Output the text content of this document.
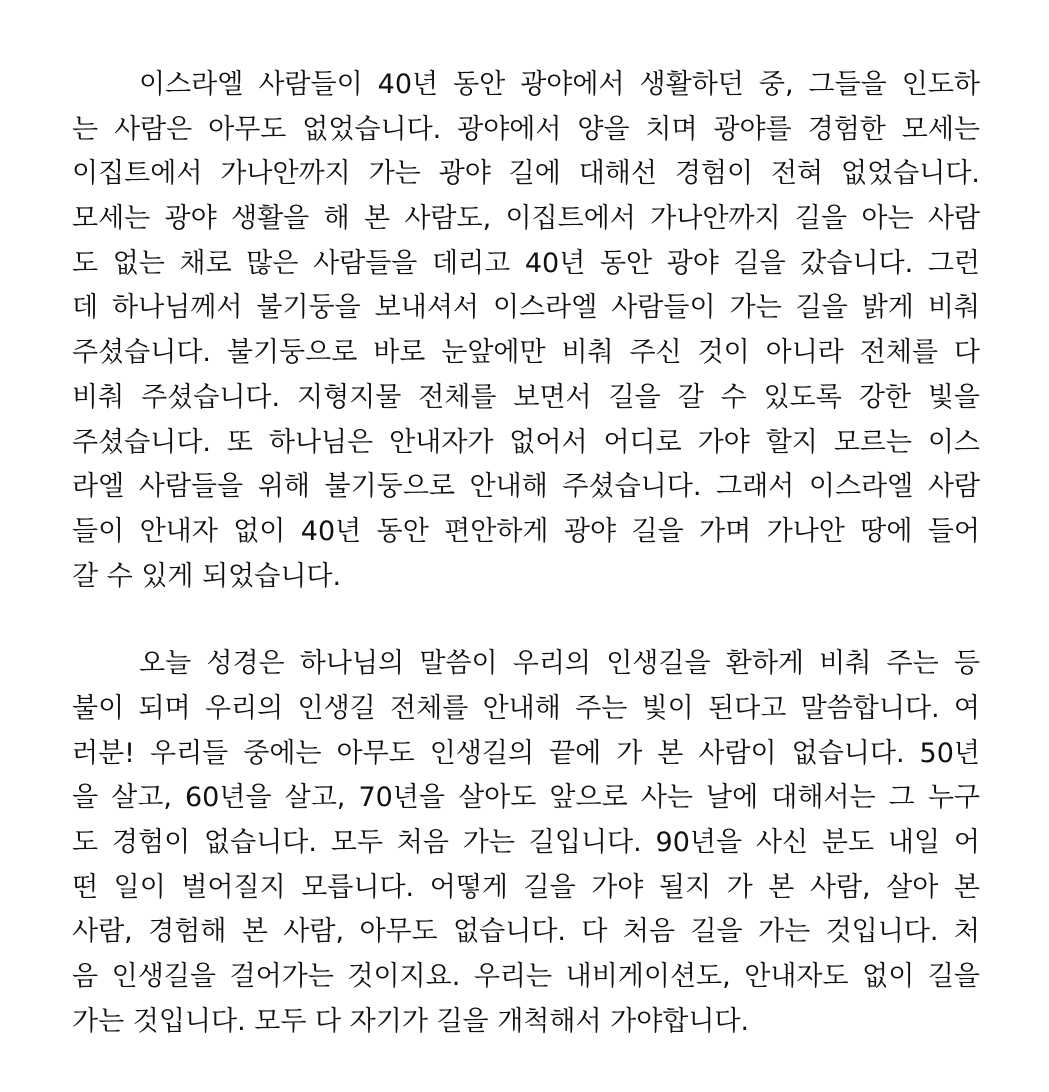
이스라엘 사람들이 40년 동안 광야에서 생활하던 중, 그들을 인도하
는 사람은 아무도 없었습니다. 광야에서 양을 치며 광야를 경험한 모세는
이집트에서 가나안까지 가는 광야 길에 대해선 경험이 전혀 없었습니다.
모세는 광야 생활을 해 본 사람도, 이집트에서 가나안까지 길을 아는 사람
도 없는 채로 많은 사람들을 데리고 40년 동안 광야 길을 갔습니다. 그런
데 하나님께서 불기둥을 보내셔서 이스라엘 사람들이 가는 길을 밝게 비춰
주셨습니다. 불기둥으로 바로 눈앞에만 비춰 주신 것이 아니라 전체를 다
비춰 주셨습니다. 지형지물 전체를 보면서 길을 갈 수 있도록 강한 빛을
주셨습니다. 또 하나님은 안내자가 없어서 어디로 가야 할지 모르는 이스
라엘 사람들을 위해 불기둥으로 안내해 주셨습니다. 그래서 이스라엘 사람
들이 안내자 없이 40년 동안 편안하게 광야 길을 가며 가나안 땅에 들어
갈 수 있게 되었습니다.
오늘 성경은 하나님의 말씀이 우리의 인생길을 환하게 비춰 주는 등
불이 되며 우리의 인생길 전체를 안내해 주는 빛이 된다고 말씀합니다. 여
러분! 우리들 중에는 아무도 인생길의 끝에 가 본 사람이 없습니다. 50년
을 살고, 60년을 살고, 70년을 살아도 앞으로 사는 날에 대해서는 그 누구
도 경험이 없습니다. 모두 처음 가는 길입니다. 90년을 사신 분도 내일 어
떤 일이 벌어질지 모릅니다. 어떻게 길을 가야 될지 가 본 사람, 살아 본
사람, 경험해 본 사람, 아무도 없습니다. 다 처음 길을 가는 것입니다. 처
음 인생길을 걸어가는 것이지요. 우리는 내비게이션도, 안내자도 없이 길을
가는 것입니다. 모두 다 자기가 길을 개척해서 가야합니다.
